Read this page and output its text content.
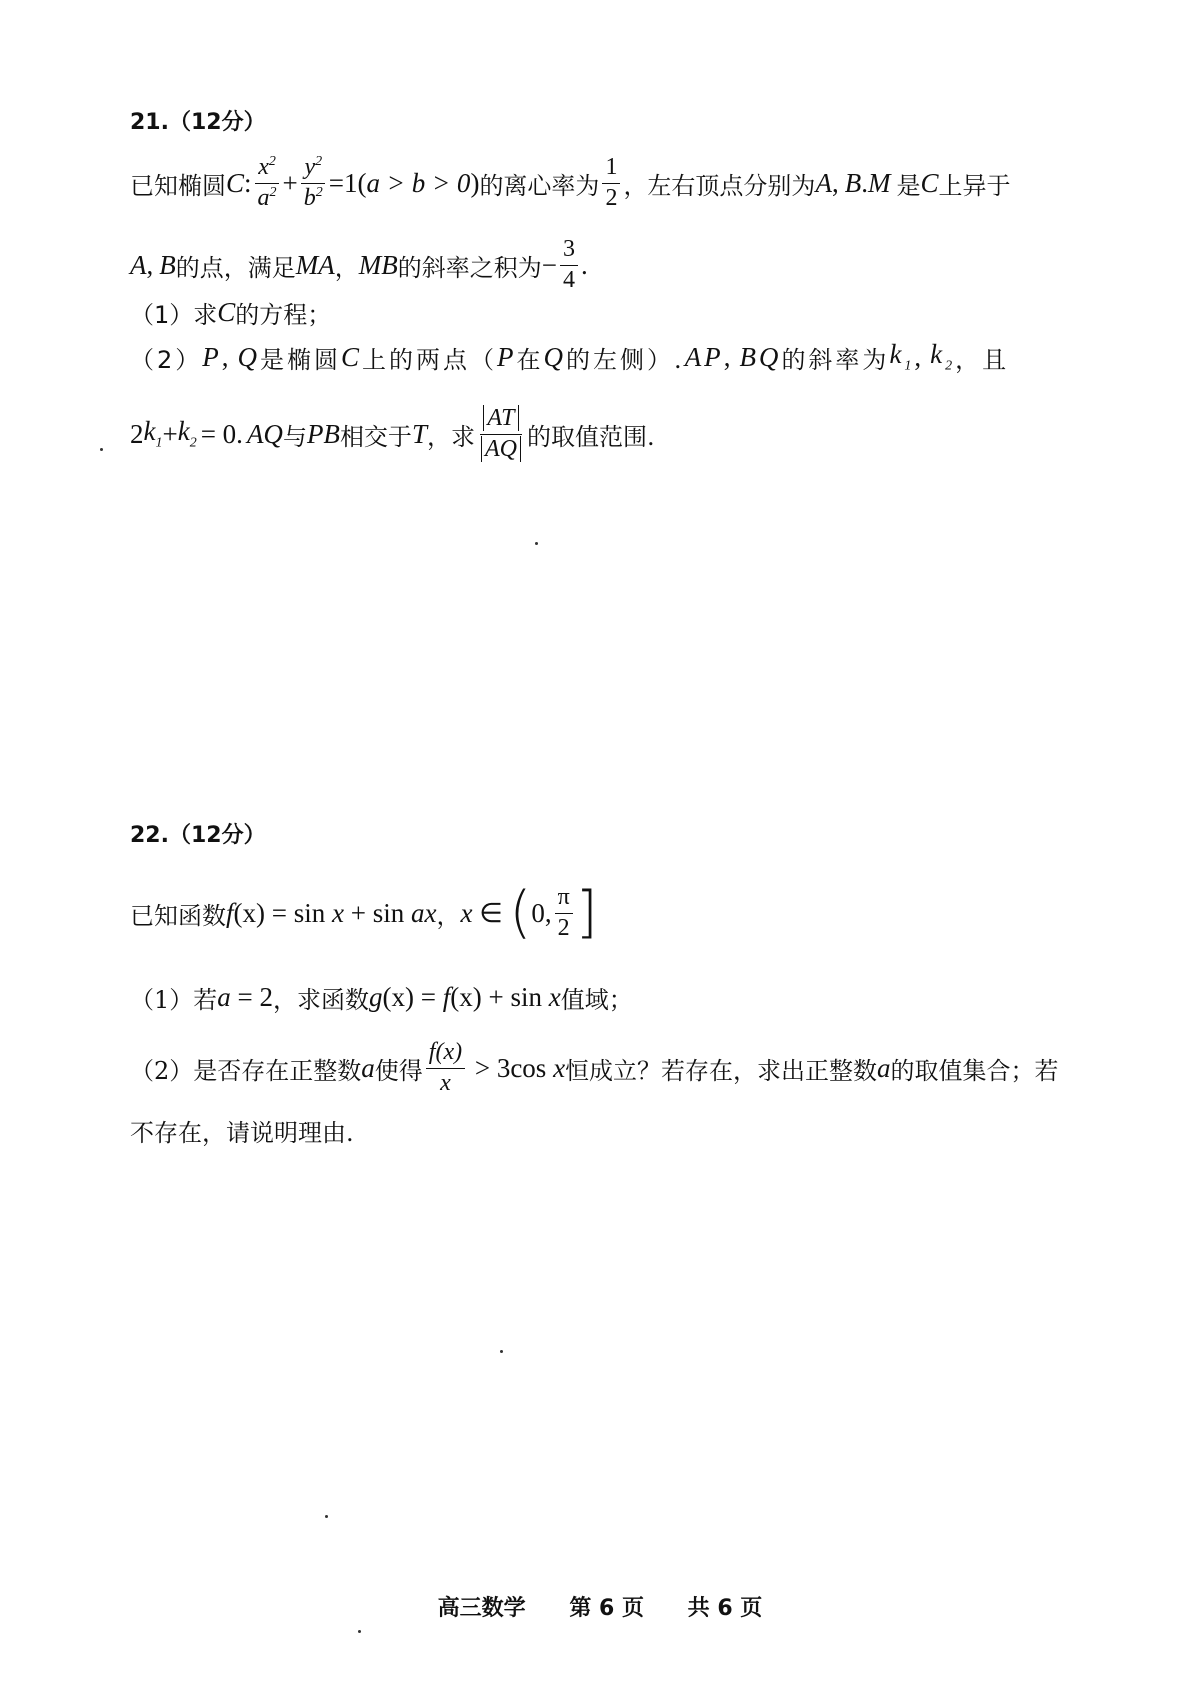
21.（12分）
已知椭圆 C : $\frac{x^2}{a^2} + \frac{y^2}{b^2} =1$( a > b > 0 ) 的离心率为 $\frac{1}{2}$ ，左右顶点分别为 A , B . M 是 C 上异于
A , B 的点，满足 MA ， MB 的斜率之积为 − $\frac{3}{4}$ .
（1）求 C 的方程；
（2） P , Q 是椭圆 C 上的两点（ P 在 Q 的左侧）. AP , BQ 的斜率为 $k_1$ , $k_2$ ，且
2 $k_1 + k_2 = 0$. AQ 与 PB 相交于 T ，求 $\frac{AT}{AQ}$ 的取值范围.
22.（12分）
已知函数 f (x) = sin x + sin ax ， x ∈ ( 0, $\frac{\pi}{2}$ ]
（1）若 a = 2 ，求函数 g (x) = f (x) + sin x 值域；
（2）是否存在正整数 a 使得 $\frac{f(x)}{x} > 3\cos$ x 恒成立？若存在，求出正整数 a 的取值集合；若
不存在，请说明理由.
高三数学 第 6 页 共 6 页
